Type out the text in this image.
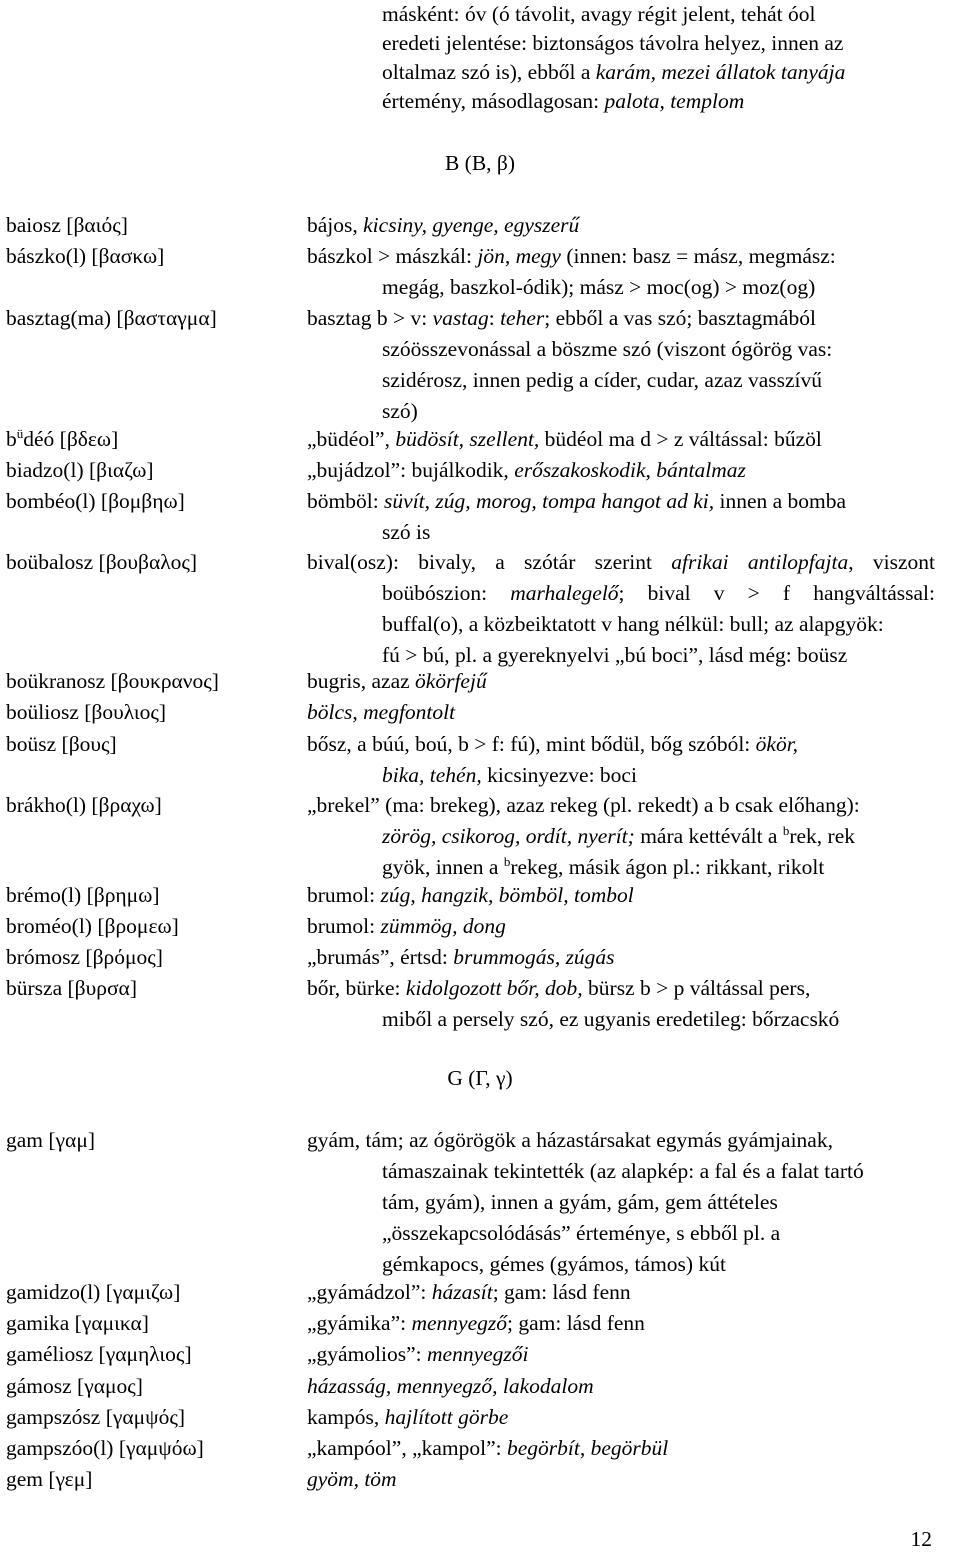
másként: óv (ó távolit, avagy régit jelent, tehát óol
eredeti jelentése: biztonságos távolra helyez, innen az
oltalmaz szó is), ebből a karám, mezei állatok tanyája
értemény, másodlagosan: palota, templom
B (Β, β)
baiosz [βαιός]	bájos, kicsiny, gyenge, egyszerű
bászko(l) [βασκω]	bászkol > mászkál: jön, megy (innen: basz = mász, megmász:
megág, baszkol-ódik); mász > moc(og) > moz(og)
basztag(ma) [βασταγμα]	basztag b > v: vastag: teher; ebből a vas szó; basztagmából
szóösszevonással a böszme szó (viszont ógörög vas:
szidérosz, innen pedig a cíder, cudar, azaz vasszívű
szó)
$b^üdéó$ [βδεω]	„büdéol”, büdösít, szellent, büdéol ma d > z váltással: bűzöl
biadzo(l) [βιαζω]	„bujádzol”: bujálkodik, erőszakoskodik, bántalmaz
bombéo(l) [βομβηω]	bömböl: süvít, zúg, morog, tompa hangot ad ki, innen a bomba
szó is
boübalosz [βουβαλος]	bival(osz): bivaly, a szótár szerint afrikai antilopfajta, viszont
boübószion: marhalegelő; bival v > f hangváltással:
buffal(o), a közbeiktatott v hang nélkül: bull; az alapgyök:
fú > bú, pl. a gyereknyelvi „bú boci”, lásd még: boüsz
boükranosz [βουκρανος]	bugris, azaz ökörfejű
boüliosz [βουλιος]	bölcs, megfontolt
boüsz [βους]	bősz, a búú, boú, b > f: fú), mint bődül, bőg szóból: ökör,
bika, tehén, kicsinyezve: boci
brákho(l) [βραχω]	„brekel” (ma: brekeg), azaz rekeg (pl. rekedt) a b csak előhang):
zörög, csikorog, ordít, nyerít; mára kettévált a $^b$rek, rek
gyök, innen a $^b$rekeg, másik ágon pl.: rikkant, rikolt
brémo(l) [βρημω]	brumol: zúg, hangzik, bömböl, tombol
broméo(l) [βρομεω]	brumol: zümmög, dong
brómosz [βρόμος]	„brumás”, értsd: brummogás, zúgás
bürsza [βυρσα]	bőr, bürke: kidolgozott bőr, dob, bürsz b > p váltással pers,
miből a persely szó, ez ugyanis eredetileg: bőrzacskó
G (Γ, γ)
gam [γαμ]	gyám, tám; az ógörögök a házastársakat egymás gyámjainak,
támaszainak tekintették (az alapkép: a fal és a falat tartó
tám, gyám), innen a gyám, gám, gem áttételes
„összekapcsolódásás” értеménye, s ebből pl. a
gémkapocs, gémes (gyámos, támos) kút
gamidzo(l) [γαμιζω]	„gyámádzol”: házasít; gam: lásd fenn
gamika [γαμικα]	„gyámika”: mennyegző; gam: lásd fenn
gaméliosz [γαμηλιος]	„gyámolios”: mennyegzői
gámosz [γαμος]	házasság, mennyegző, lakodalom
gampszósz [γαμψός]	kampós, hajlított görbe
gampszóo(l) [γαμψόω]	„kampóol”, „kampol”: begörbít, begörbül
gem [γεμ]	gyöm, töm
12
